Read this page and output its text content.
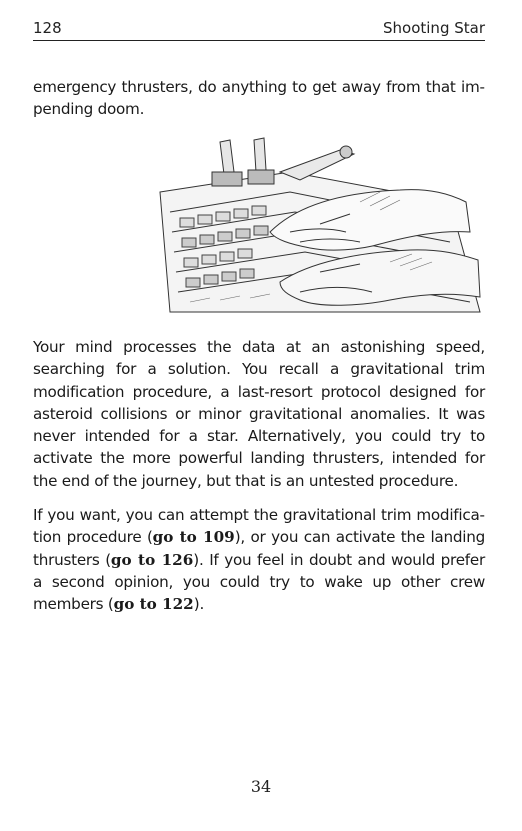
128	Shooting Star

emergency thrusters, do anything to get away from that impending doom.

Your mind processes the data at an astonishing speed, searching for a solution. You recall a gravitational trim modification procedure, a last-resort protocol designed for asteroid collisions or minor gravitational anomalies. It was never intended for a star. Alternatively, you could try to activate the more powerful landing thrusters, intended for the end of the journey, but that is an untested procedure.

If you want, you can attempt the gravitational trim modification procedure (go to 109), or you can activate the landing thrusters (go to 126). If you feel in doubt and would prefer a second opinion, you could try to wake up other crew members (go to 122).

34
